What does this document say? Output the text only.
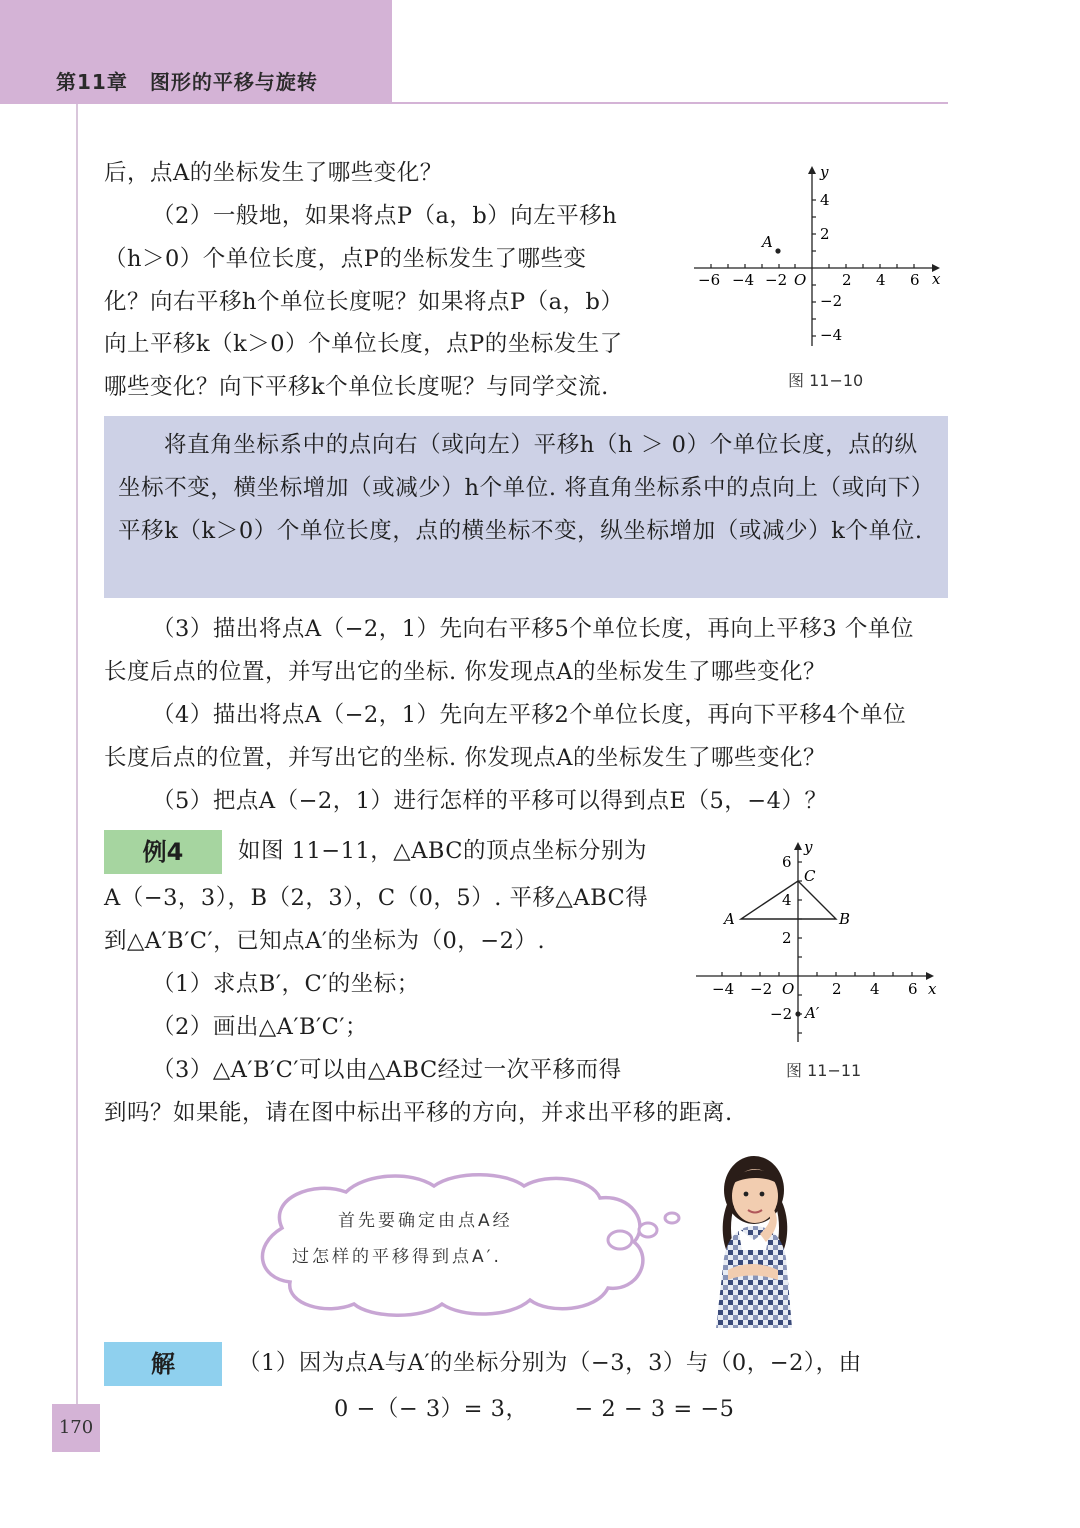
第11章 图形的平移与旋转

后，点A的坐标发生了哪些变化？

（2）一般地，如果将点P（a，b）向左平移h

（h＞0）个单位长度，点P的坐标发生了哪些变

化？向右平移h个单位长度呢？如果将点P（a，b）

向上平移k（k＞0）个单位长度，点P的坐标发生了

哪些变化？向下平移k个单位长度呢？与同学交流.

−6 −4 −2 O 2 4 6 x
y
4
2
−2
−4
A
图 11−10

将直角坐标系中的点向右（或向左）平移h（h ＞ 0）个单位长度，点的纵坐标不变，横坐标增加（或减少）h个单位. 将直角坐标系中的点向上（或向下）平移k（k＞0）个单位长度，点的横坐标不变，纵坐标增加（或减少）k个单位.

（3）描出将点A（−2，1）先向右平移5个单位长度，再向上平移3 个单位

长度后点的位置，并写出它的坐标. 你发现点A的坐标发生了哪些变化？

（4）描出将点A（−2，1）先向左平移2个单位长度，再向下平移4个单位

长度后点的位置，并写出它的坐标. 你发现点A的坐标发生了哪些变化？

（5）把点A（−2，1）进行怎样的平移可以得到点E（5，−4）？

例4	如图 11−11，△ABC的顶点坐标分别为

A（−3，3），B（2，3），C（0，5）. 平移△ABC得

到△A′B′C′，已知点A′的坐标为（0，−2）.

（1）求点B′，C′的坐标；

（2）画出△A′B′C′；

（3）△A′B′C′可以由△ABC经过一次平移而得

到吗？如果能，请在图中标出平移的方向，并求出平移的距离.

−4 −2 O	2 4 6 x
y
6
4
2
−2
A	B
C
A′
图 11−11
首先要确定由点A经
过怎样的平移得到点A′.
解	（1）因为点A与A′的坐标分别为（−3，3）与（0，−2），由

0 −（− 3）= 3，      − 2 − 3 = −5

170
